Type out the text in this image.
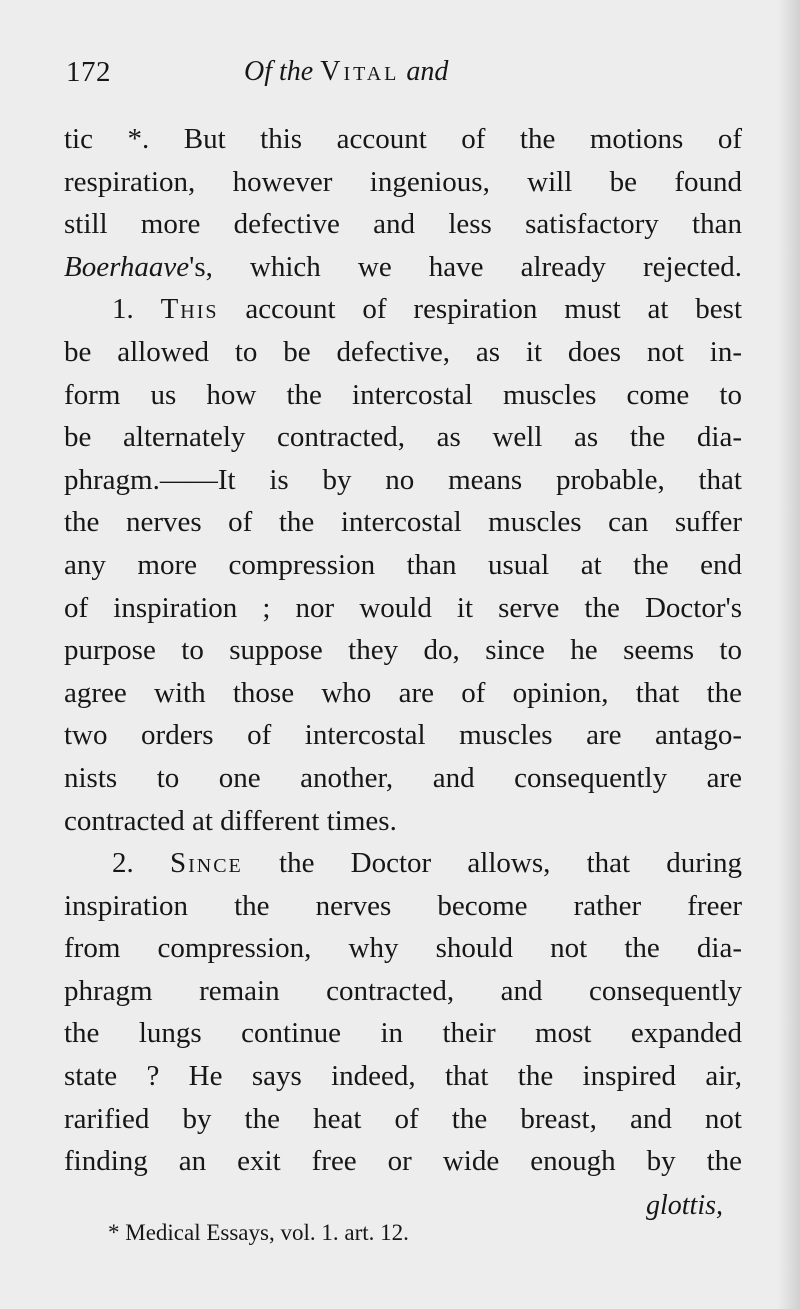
172	Of the Vital and
tic *. But this account of the motions of
respiration, however ingenious, will be found
still more defective and less satisfactory than
Boerhaave's, which we have already rejected.
1. This account of respiration must at best
be allowed to be defective, as it does not in-
form us how the intercostal muscles come to
be alternately contracted, as well as the dia-
phragm.——It is by no means probable, that
the nerves of the intercostal muscles can suffer
any more compression than usual at the end
of inspiration ; nor would it serve the Doctor's
purpose to suppose they do, since he seems to
agree with those who are of opinion, that the
two orders of intercostal muscles are antago-
nists to one another, and consequently are
contracted at different times.
2. Since the Doctor allows, that during
inspiration the nerves become rather freer
from compression, why should not the dia-
phragm remain contracted, and consequently
the lungs continue in their most expanded
state ? He says indeed, that the inspired air,
rarified by the heat of the breast, and not
finding an exit free or wide enough by the
glottis,
* Medical Essays, vol. 1. art. 12.
